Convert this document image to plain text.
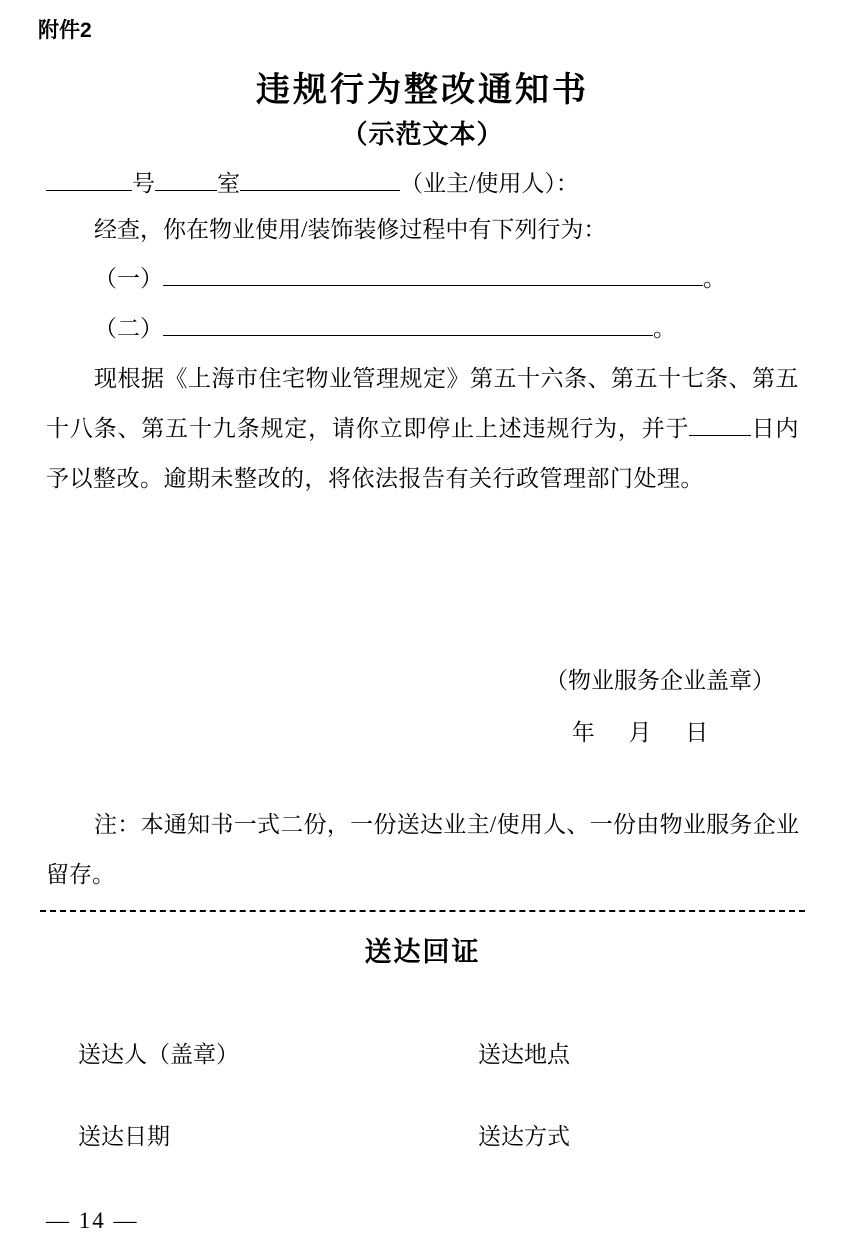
附件2
违规行为整改通知书
（示范文本）
号	室	（业主/使用人）：
经查，你在物业使用/装饰装修过程中有下列行为：
（一）	。
（二）	。
现根据《上海市住宅物业管理规定》第五十六条、第五十七条、第五十八条、第五十九条规定，请你立即停止上述违规行为，并于	日内予以整改。逾期未整改的，将依法报告有关行政管理部门处理。
（物业服务企业盖章）
年 月 日
注：本通知书一式二份，一份送达业主/使用人、一份由物业服务企业留存。
送达回证
送达人（盖章）	送达地点
送达日期	送达方式
— 14 —
